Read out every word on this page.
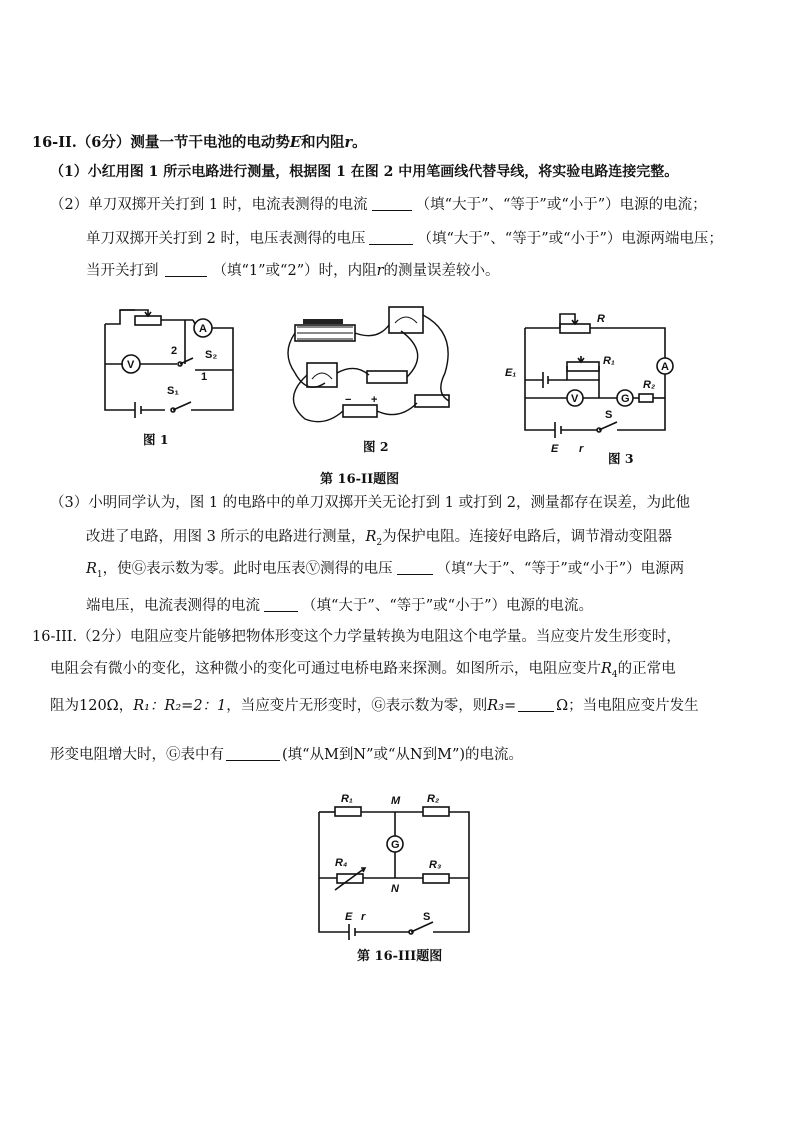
16-II.（6分）测量一节干电池的电动势E和内阻r。
（1）小红用图 1 所示电路进行测量，根据图 1 在图 2 中用笔画线代替导线，将实验电路连接完整。
（2）单刀双掷开关打到 1 时，电流表测得的电流	（填“大于”、“等于”或“小于”）电源的电流；
单刀双掷开关打到 2 时，电压表测得的电压	（填“大于”、“等于”或“小于”）电源两端电压；
当开关打到	（填“1”或“2”）时，内阻r的测量误差较小。
A
V
2
1
S₂
S₁
图 1
− +
图 2
R
A
E₁
R₁
V	G
R₂
E r
S
图 3
第 16-II题图
（3）小明同学认为，图 1 的电路中的单刀双掷开关无论打到 1 或打到 2，测量都存在误差，为此他
改进了电路，用图 3 所示的电路进行测量，$R_2$为保护电阻。连接好电路后，调节滑动变阻器
$R_1$，使Ⓖ表示数为零。此时电压表Ⓥ测得的电压	（填“大于”、“等于”或“小于”）电源两
端电压，电流表测得的电流	（填“大于”、“等于”或“小于”）电源的电流。
16-III.（2分）电阻应变片能够把物体形变这个力学量转换为电阻这个电学量。当应变片发生形变时，
电阻会有微小的变化，这种微小的变化可通过电桥电路来探测。如图所示，电阻应变片$R_4$的正常电
阻为120Ω，R₁：R₂=2：1，当应变片无形变时，Ⓖ表示数为零，则R₃=	Ω；当电阻应变片发生
形变电阻增大时，Ⓖ表中有	(填“从M到N”或“从N到M”)的电流。
R₁	R₂
M
G
R₄	R₃
N
E r	S
第 16-III题图
